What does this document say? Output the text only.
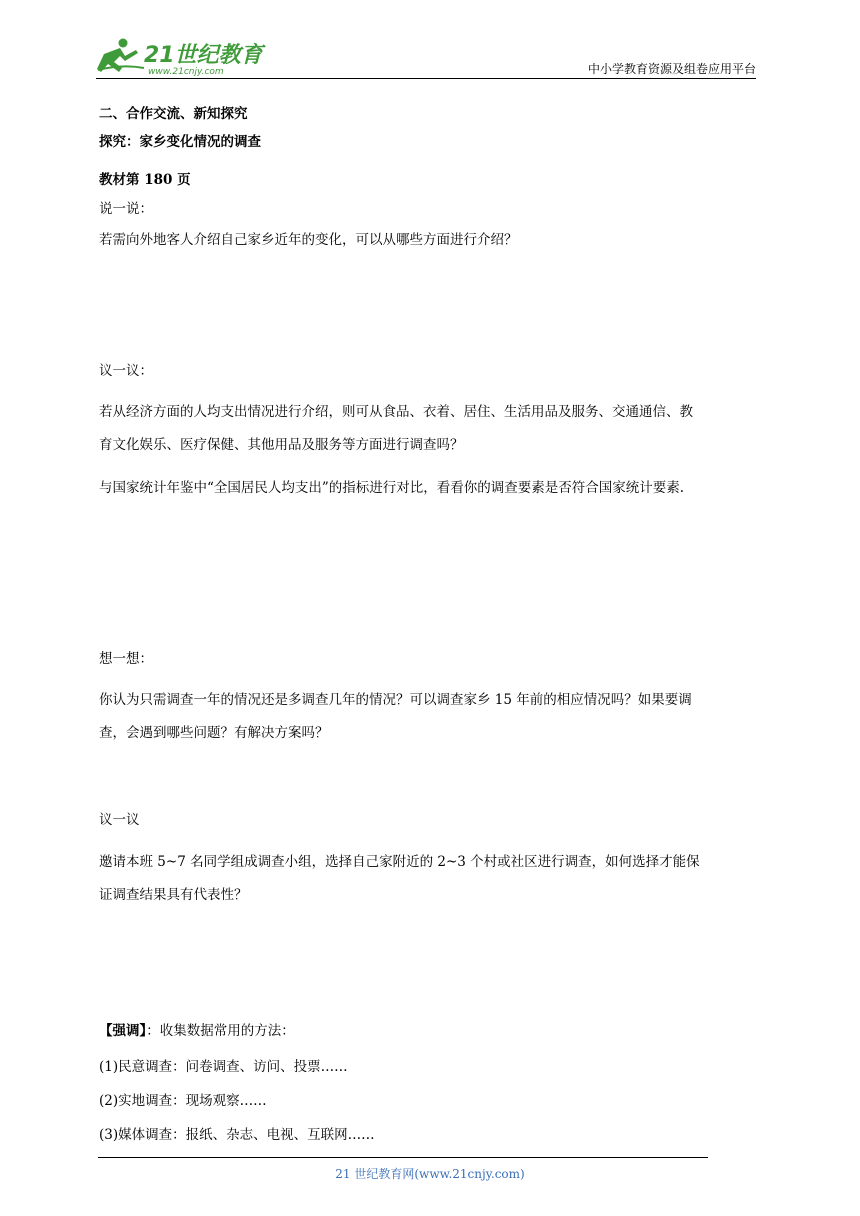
21世纪教育
www.21cnjy.com	中小学教育资源及组卷应用平台
二、合作交流、新知探究
探究：家乡变化情况的调查
教材第 180 页
说一说：
若需向外地客人介绍自己家乡近年的变化，可以从哪些方面进行介绍？
议一议：
若从经济方面的人均支出情况进行介绍，则可从食品、衣着、居住、生活用品及服务、交通通信、教
育文化娱乐、医疗保健、其他用品及服务等方面进行调查吗？
与国家统计年鉴中“全国居民人均支出”的指标进行对比，看看你的调查要素是否符合国家统计要素.
想一想：
你认为只需调查一年的情况还是多调查几年的情况？可以调查家乡 15 年前的相应情况吗？如果要调
查，会遇到哪些问题？有解决方案吗？
议一议
邀请本班 5~7 名同学组成调查小组，选择自己家附近的 2~3 个村或社区进行调查，如何选择才能保
证调查结果具有代表性？
【强调】：收集数据常用的方法：
(1)民意调查：问卷调查、访问、投票……
(2)实地调查：现场观察……
(3)媒体调查：报纸、杂志、电视、互联网……
21 世纪教育网(www.21cnjy.com)
